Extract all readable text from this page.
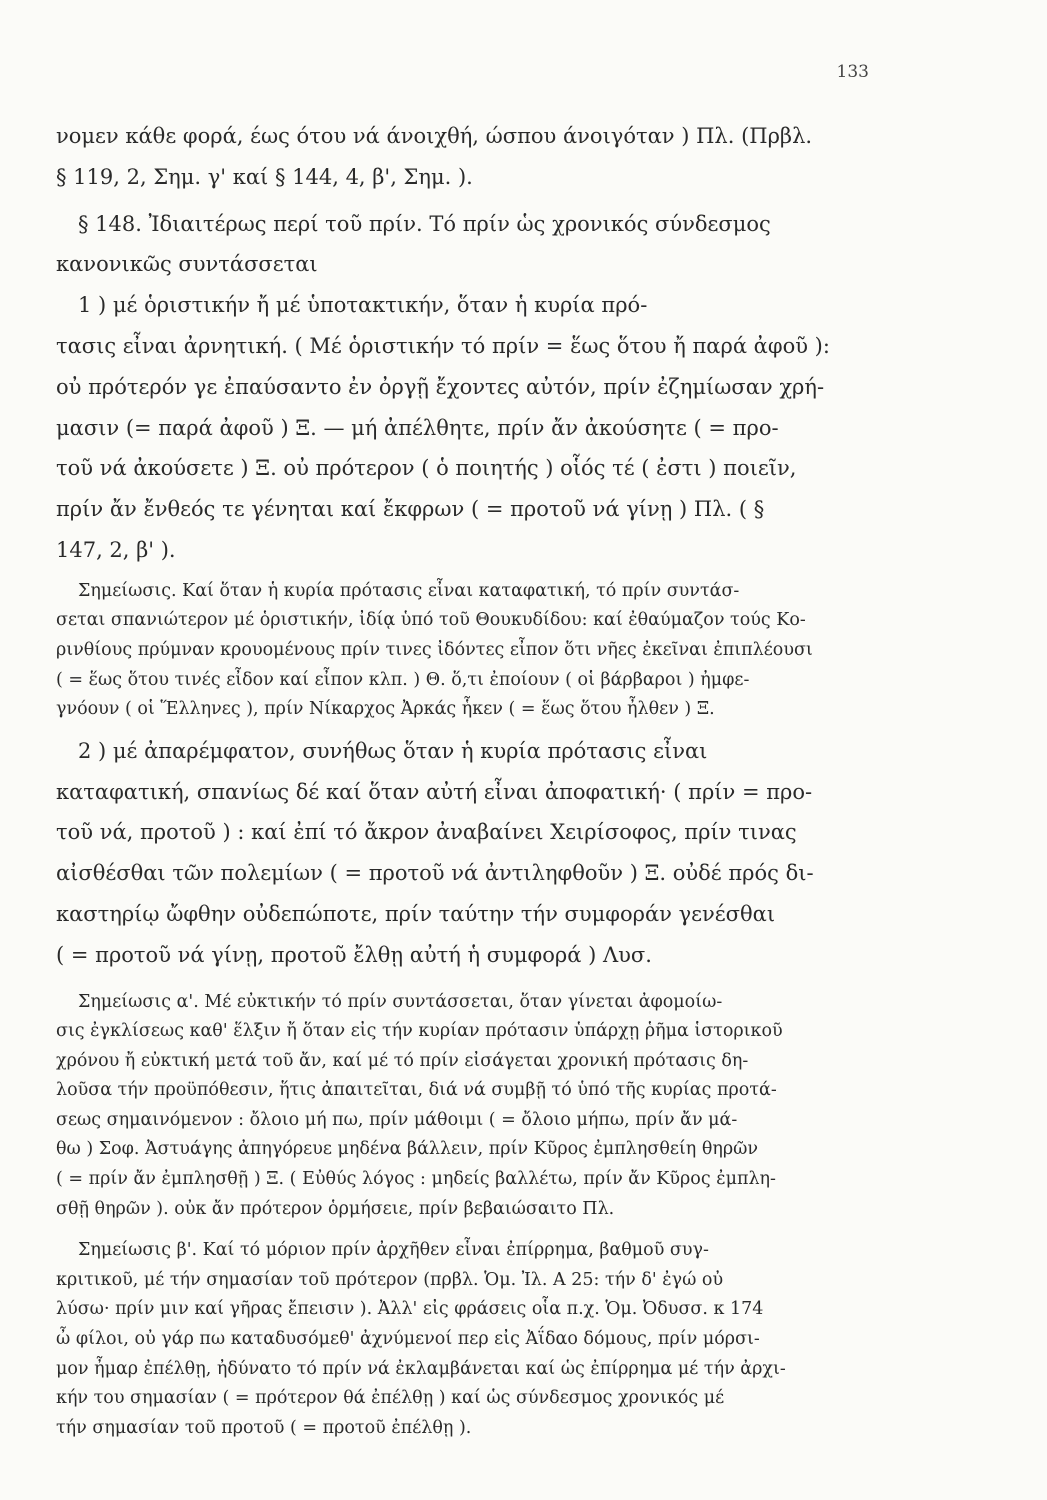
133

νομεν κάθε φορά, έως ότου νά άνοιχθή, ώσπου άνοιγόταν ) Πλ. (Πρβλ.

§ 119, 2, Σημ. γ' καί § 144, 4, β', Σημ. ).

§ 148. Ἰδιαιτέρως περί τοῦ πρίν. Τό πρίν ὡς χρονικός σύνδεσμος

κανονικῶς συντάσσεται

1 ) μέ ὁριστικήν ἤ μέ ὑποτακτικήν, ὅταν ἡ κυρία πρό-

τασις εἶναι ἀρνητική. ( Μέ ὁριστικήν τό πρίν = ἕως ὅτου ἤ παρά ἀφοῦ ):

οὐ πρότερόν γε ἐπαύσαντο ἐν ὀργῇ ἔχοντες αὐτόν, πρίν ἐζημίωσαν χρή-

μασιν (= παρά ἀφοῦ ) Ξ. — μή ἀπέλθητε, πρίν ἄν ἀκούσητε ( = προ-

τοῦ νά ἀκούσετε ) Ξ. οὐ πρότερον ( ὁ ποιητής ) οἷός τέ ( ἐστι ) ποιεῖν,

πρίν ἄν ἔνθεός τε γένηται καί ἔκφρων ( = προτοῦ νά γίνῃ ) Πλ. ( §

147, 2, β' ).

Σημείωσις. Καί ὅταν ἡ κυρία πρότασις εἶναι καταφατική, τό πρίν συντάσ-

σεται σπανιώτερον μέ ὁριστικήν, ἰδίᾳ ὑπό τοῦ Θουκυδίδου: καί ἐθαύμαζον τούς Κο-

ρινθίους πρύμναν κρουομένους πρίν τινες ἰδόντες εἶπον ὅτι νῆες ἐκεῖναι ἐπιπλέουσι

( = ἕως ὅτου τινές εἶδον καί εἶπον κλπ. ) Θ. ὅ,τι ἐποίουν ( οἱ βάρβαροι ) ἠμφε-

γνόουν ( οἱ Ἕλληνες ), πρίν Νίκαρχος Ἀρκάς ἧκεν ( = ἕως ὅτου ἦλθεν ) Ξ.

2 ) μέ ἀπαρέμφατον, συνήθως ὅταν ἡ κυρία πρότασις εἶναι

καταφατική, σπανίως δέ καί ὅταν αὐτή εἶναι ἀποφατική· ( πρίν = προ-

τοῦ νά, προτοῦ ) : καί ἐπί τό ἄκρον ἀναβαίνει Χειρίσοφος, πρίν τινας

αἰσθέσθαι τῶν πολεμίων ( = προτοῦ νά ἀντιληφθοῦν ) Ξ. οὐδέ πρός δι-

καστηρίῳ ὤφθην οὐδεπώποτε, πρίν ταύτην τήν συμφοράν γενέσθαι

( = προτοῦ νά γίνῃ, προτοῦ ἔλθῃ αὐτή ἡ συμφορά ) Λυσ.

Σημείωσις α'. Μέ εὐκτικήν τό πρίν συντάσσεται, ὅταν γίνεται ἀφομοίω-

σις ἐγκλίσεως καθ' ἕλξιν ἤ ὅταν εἰς τήν κυρίαν πρότασιν ὑπάρχῃ ῥῆμα ἱστορικοῦ

χρόνου ἤ εὐκτική μετά τοῦ ἄν, καί μέ τό πρίν εἰσάγεται χρονική πρότασις δη-

λοῦσα τήν προϋπόθεσιν, ἥτις ἀπαιτεῖται, διά νά συμβῇ τό ὑπό τῆς κυρίας προτά-

σεως σημαινόμενον : ὄλοιο μή πω, πρίν μάθοιμι ( = ὄλοιο μήπω, πρίν ἄν μά-

θω ) Σοφ. Ἀστυάγης ἀπηγόρευε μηδένα βάλλειν, πρίν Κῦρος ἐμπλησθείη θηρῶν

( = πρίν ἄν ἐμπλησθῇ ) Ξ. ( Εὐθύς λόγος : μηδείς βαλλέτω, πρίν ἄν Κῦρος ἐμπλη-

σθῇ θηρῶν ). οὐκ ἄν πρότερον ὁρμήσειε, πρίν βεβαιώσαιτο Πλ.

Σημείωσις β'. Καί τό μόριον πρίν ἀρχῆθεν εἶναι ἐπίρρημα, βαθμοῦ συγ-

κριτικοῦ, μέ τήν σημασίαν τοῦ πρότερον (πρβλ. Ὁμ. Ἰλ. Α 25: τήν δ' ἐγώ οὐ

λύσω· πρίν μιν καί γῆρας ἔπεισιν ). Ἀλλ' εἰς φράσεις οἷα π.χ. Ὁμ. Ὀδυσσ. κ 174

ὦ φίλοι, οὐ γάρ πω καταδυσόμεθ' ἀχνύμενοί περ εἰς Ἀΐδαο δόμους, πρίν μόρσι-

μον ἦμαρ ἐπέλθῃ, ἠδύνατο τό πρίν νά ἐκλαμβάνεται καί ὡς ἐπίρρημα μέ τήν ἀρχι-

κήν του σημασίαν ( = πρότερον θά ἐπέλθῃ ) καί ὡς σύνδεσμος χρονικός μέ

τήν σημασίαν τοῦ προτοῦ ( = προτοῦ ἐπέλθῃ ).
